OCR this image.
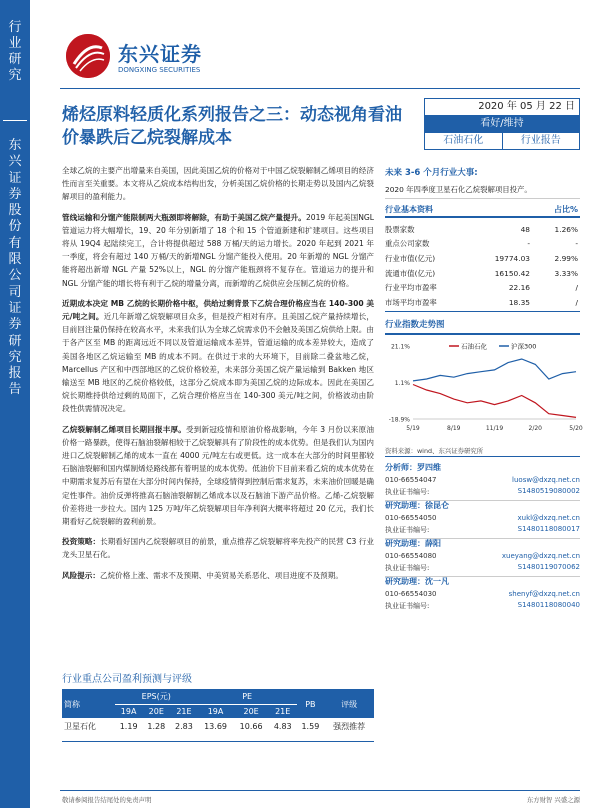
行业研究
东兴证券股份有限公司证券研究报告
东兴证券
DONGXING SECURITIES
烯烃原料轻质化系列报告之三：动态视角看油价暴跌后乙烷裂解成本
2020 年 05 月 22 日
看好/维持
石油石化	行业报告

全球乙烷的主要产出增量来自美国，因此美国乙烷的价格对于中国乙烷裂解制乙烯项目的经济性而言至关重要。本文将从乙烷成本结构出发，分析美国乙烷价格的长期走势以及国内乙烷裂解项目的盈利能力。

管线运输和分馏产能限制两大瓶颈即将解除，有助于美国乙烷产量提升。2019 年起美国NGL 管道运力将大幅增长，19、20 年分别新增了 18 个和 15 个管道新建和扩建项目。这些项目将从 19Q4 起陆续完工，合计将提供超过 588 万桶/天的运力增长。2020 年起到 2021 年一季度，将会有超过 140 万桶/天的新增NGL 分馏产能投入使用。20 年新增的 NGL 分馏产能将超出新增 NGL 产量 52%以上，NGL 的分馏产能瓶颈将不复存在。管道运力的提升和 NGL 分馏产能的增长将有利于乙烷的增量分离，而新增的乙烷供应会压制乙烷的价格。

近期成本决定 MB 乙烷的长期价格中枢，供给过剩背景下乙烷合理价格应当在 140-300 美元/吨之间。近几年新增乙烷裂解项目众多，但是投产相对有序。且美国乙烷产量持续增长，目前回注量仍保持在较高水平，未来我们认为全球乙烷需求仍不会触及美国乙烷供给上限。由于各产区至 MB 的距离远近不同以及管道运输成本差异，管道运输的成本差异较大，造成了美国各地区乙烷运输至 MB 的成本不同。在供过于求的大环境下，目前除二叠盆地乙烷，Marcellus 产区和中西部地区的乙烷价格较差，未来部分美国乙烷产量运输到 Bakken 地区输送至 MB 地区的乙烷价格较低，这部分乙烷成本即为美国乙烷的边际成本。因此在美国乙烷长期维持供给过剩的局面下，乙烷合理价格应当在 140-300 美元/吨之间，价格波动由阶段性供需情况决定。

乙烷裂解制乙烯项目长期回报丰厚。受到新冠疫情和原油价格战影响，今年 3 月份以来原油价格一路暴跌，使得石脑油裂解相较于乙烷裂解具有了阶段性的成本优势。但是我们认为国内进口乙烷裂解制乙烯的成本一直在 4000 元/吨左右或更低。这一成本在大部分的时间里都较石脑油裂解和国内煤制烯烃路线都有着明显的成本优势。低油价下目前来看乙烷的成本优势在中期需求复苏后有望在大部分时间内保持，全球疫情得到控制后需求复苏，未来油价回暖是确定性事件。油价反弹将推高石脑油裂解制乙烯成本以及石脑油下游产品价格。乙烯-乙烷裂解价差将进一步拉大。国内 125 万吨/年乙烷裂解项目年净利润大概率将超过 20 亿元，我们长期看好乙烷裂解的盈利前景。

投资策略：长期看好国内乙烷裂解项目的前景，重点推荐乙烷裂解将率先投产的民营 C3 行业龙头卫星石化。

风险提示：乙烷价格上涨、需求不及预期、中美贸易关系恶化、项目进度不及预期。

行业重点公司盈利预测与评级
简称	EPS(元)			PE			PB	评级
	19A	20E	21E	19A	20E	21E		
卫星石化	1.19	1.28	2.83	13.69	10.66	4.83	1.59	强烈推荐
未来 3-6 个月行业大事:
2020 年四季度卫星石化乙烷裂解项目投产。
行业基本资料	占比%
股票家数	48	1.26%
重点公司家数	-	-
行业市值(亿元)	19774.03	2.99%
流通市值(亿元)	16150.42	3.33%
行业平均市盈率	22.16	/
市场平均市盈率	18.35	/
行业指数走势图
21.1%
1.1%
-18.9%
5/19	8/19	11/19	2/20	5/20
石油石化	沪深300
资料来源：wind、东兴证券研究所
分析师：罗四维
010-66554047	luosw@dxzq.net.cn
执业证书编号:	S1480519080002
研究助理：徐昆仑
010-66554050	xukl@dxzq.net.cn
执业证书编号:	S1480118080017
研究助理：薛阳
010-66554080	xueyang@dxzq.net.cn
执业证书编号:	S1480119070062
研究助理：沈一凡
010-66554030	shenyf@dxzq.net.cn
执业证书编号:	S1480118080040
敬请参阅报告结尾处的免责声明	东方财智 兴盛之源
